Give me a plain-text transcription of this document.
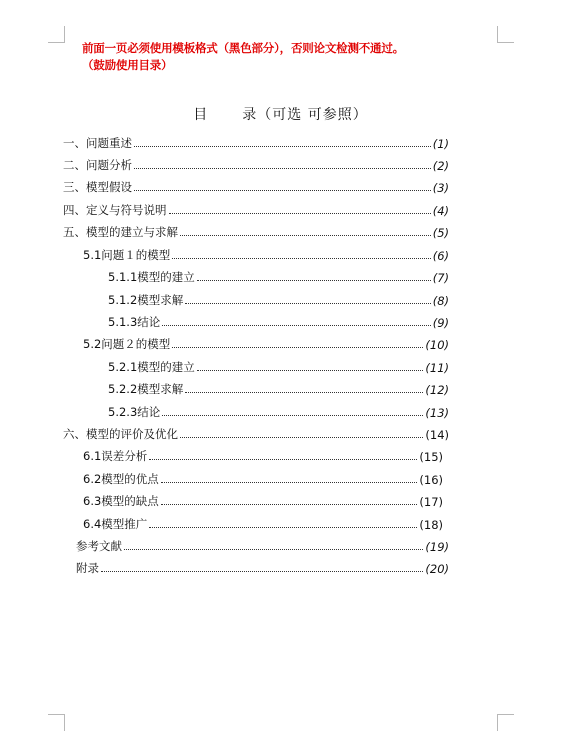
前面一页必须使用模板格式（黑色部分），否则论文检测不通过。
（鼓励使用目录）
目 录（可选 可参照）
一、问题重述	(1)
二、问题分析	(2)
三、模型假设	(3)
四、定义与符号说明	(4)
五、模型的建立与求解	(5)
5.1问题１的模型	(6)
5.1.1模型的建立	(7)
5.1.2模型求解	(8)
5.1.3结论	(9)
5.2问题２的模型	(10)
5.2.1模型的建立	(11)
5.2.2模型求解	(12)
5.2.3结论	(13)
六、模型的评价及优化	(14)
6.1误差分析	(15)
6.2模型的优点	(16)
6.3模型的缺点	(17)
6.4模型推广	(18)
参考文献	(19)
附录	(20)
